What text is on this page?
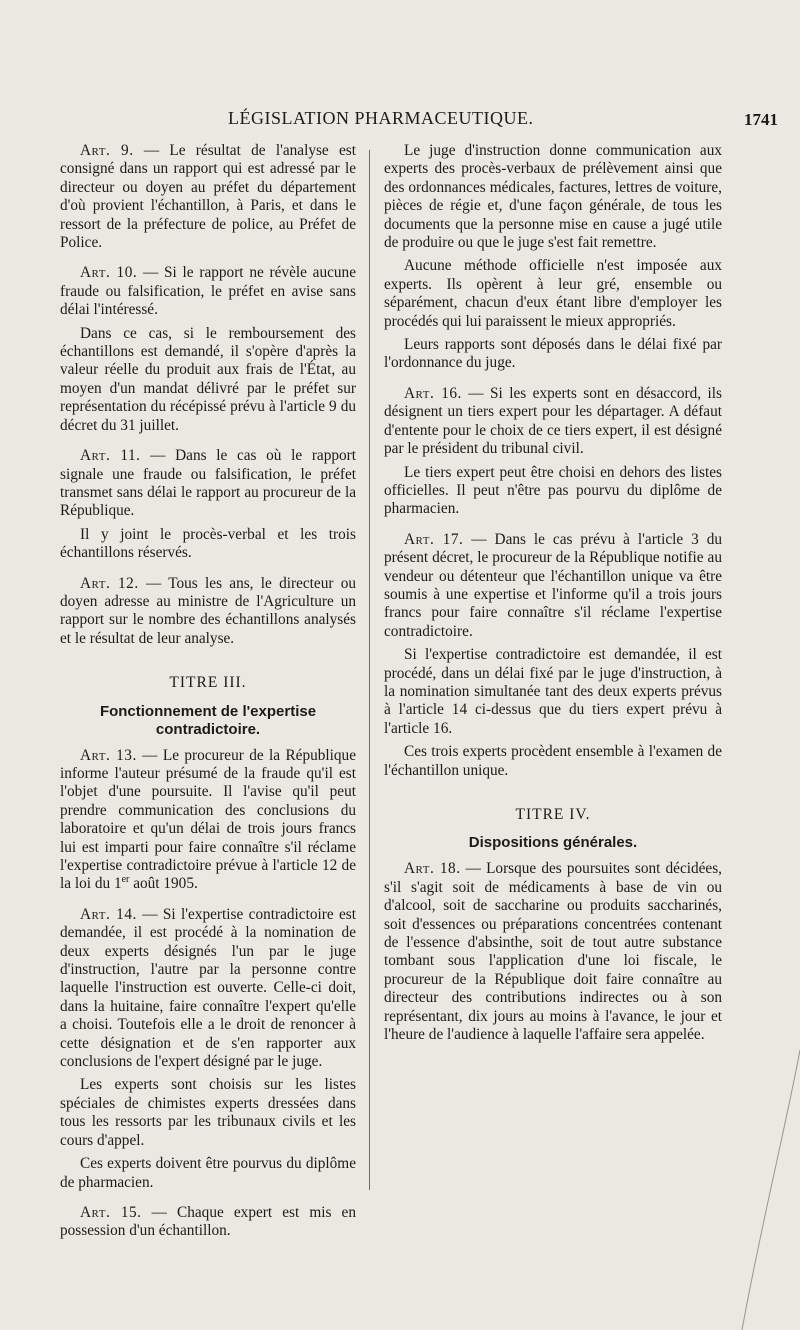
LÉGISLATION PHARMACEUTIQUE.	1741

Art. 9. — Le résultat de l'analyse est consigné dans un rapport qui est adressé par le directeur ou doyen au préfet du département d'où provient l'échantillon, à Paris, et dans le ressort de la préfecture de police, au Préfet de Police.

Art. 10. — Si le rapport ne révèle aucune fraude ou falsification, le préfet en avise sans délai l'intéressé.

Dans ce cas, si le remboursement des échantillons est demandé, il s'opère d'après la valeur réelle du produit aux frais de l'État, au moyen d'un mandat délivré par le préfet sur représentation du récépissé prévu à l'article 9 du décret du 31 juillet.

Art. 11. — Dans le cas où le rapport signale une fraude ou falsification, le préfet transmet sans délai le rapport au procureur de la République.

Il y joint le procès-verbal et les trois échantillons réservés.

Art. 12. — Tous les ans, le directeur ou doyen adresse au ministre de l'Agriculture un rapport sur le nombre des échantillons analysés et le résultat de leur analyse.

TITRE III.
Fonctionnement de l'expertise contradictoire.

Art. 13. — Le procureur de la République informe l'auteur présumé de la fraude qu'il est l'objet d'une poursuite. Il l'avise qu'il peut prendre communication des conclusions du laboratoire et qu'un délai de trois jours francs lui est imparti pour faire connaître s'il réclame l'expertise contradictoire prévue à l'article 12 de la loi du 1er août 1905.

Art. 14. — Si l'expertise contradictoire est demandée, il est procédé à la nomination de deux experts désignés l'un par le juge d'instruction, l'autre par la personne contre laquelle l'instruction est ouverte. Celle-ci doit, dans la huitaine, faire connaître l'expert qu'elle a choisi. Toutefois elle a le droit de renoncer à cette désignation et de s'en rapporter aux conclusions de l'expert désigné par le juge.

Les experts sont choisis sur les listes spéciales de chimistes experts dressées dans tous les ressorts par les tribunaux civils et les cours d'appel.

Ces experts doivent être pourvus du diplôme de pharmacien.

Art. 15. — Chaque expert est mis en possession d'un échantillon.

Le juge d'instruction donne communication aux experts des procès-verbaux de prélèvement ainsi que des ordonnances médicales, factures, lettres de voiture, pièces de régie et, d'une façon générale, de tous les documents que la personne mise en cause a jugé utile de produire ou que le juge s'est fait remettre.

Aucune méthode officielle n'est imposée aux experts. Ils opèrent à leur gré, ensemble ou séparément, chacun d'eux étant libre d'employer les procédés qui lui paraissent le mieux appropriés.

Leurs rapports sont déposés dans le délai fixé par l'ordonnance du juge.

Art. 16. — Si les experts sont en désaccord, ils désignent un tiers expert pour les départager. A défaut d'entente pour le choix de ce tiers expert, il est désigné par le président du tribunal civil.

Le tiers expert peut être choisi en dehors des listes officielles. Il peut n'être pas pourvu du diplôme de pharmacien.

Art. 17. — Dans le cas prévu à l'article 3 du présent décret, le procureur de la République notifie au vendeur ou détenteur que l'échantillon unique va être soumis à une expertise et l'informe qu'il a trois jours francs pour faire connaître s'il réclame l'expertise contradictoire.

Si l'expertise contradictoire est demandée, il est procédé, dans un délai fixé par le juge d'instruction, à la nomination simultanée tant des deux experts prévus à l'article 14 ci-dessus que du tiers expert prévu à l'article 16.

Ces trois experts procèdent ensemble à l'examen de l'échantillon unique.

TITRE IV.
Dispositions générales.

Art. 18. — Lorsque des poursuites sont décidées, s'il s'agit soit de médicaments à base de vin ou d'alcool, soit de saccharine ou produits saccharinés, soit d'essences ou préparations concentrées contenant de l'essence d'absinthe, soit de tout autre substance tombant sous l'application d'une loi fiscale, le procureur de la République doit faire connaître au directeur des contributions indirectes ou à son représentant, dix jours au moins à l'avance, le jour et l'heure de l'audience à laquelle l'affaire sera appelée.
